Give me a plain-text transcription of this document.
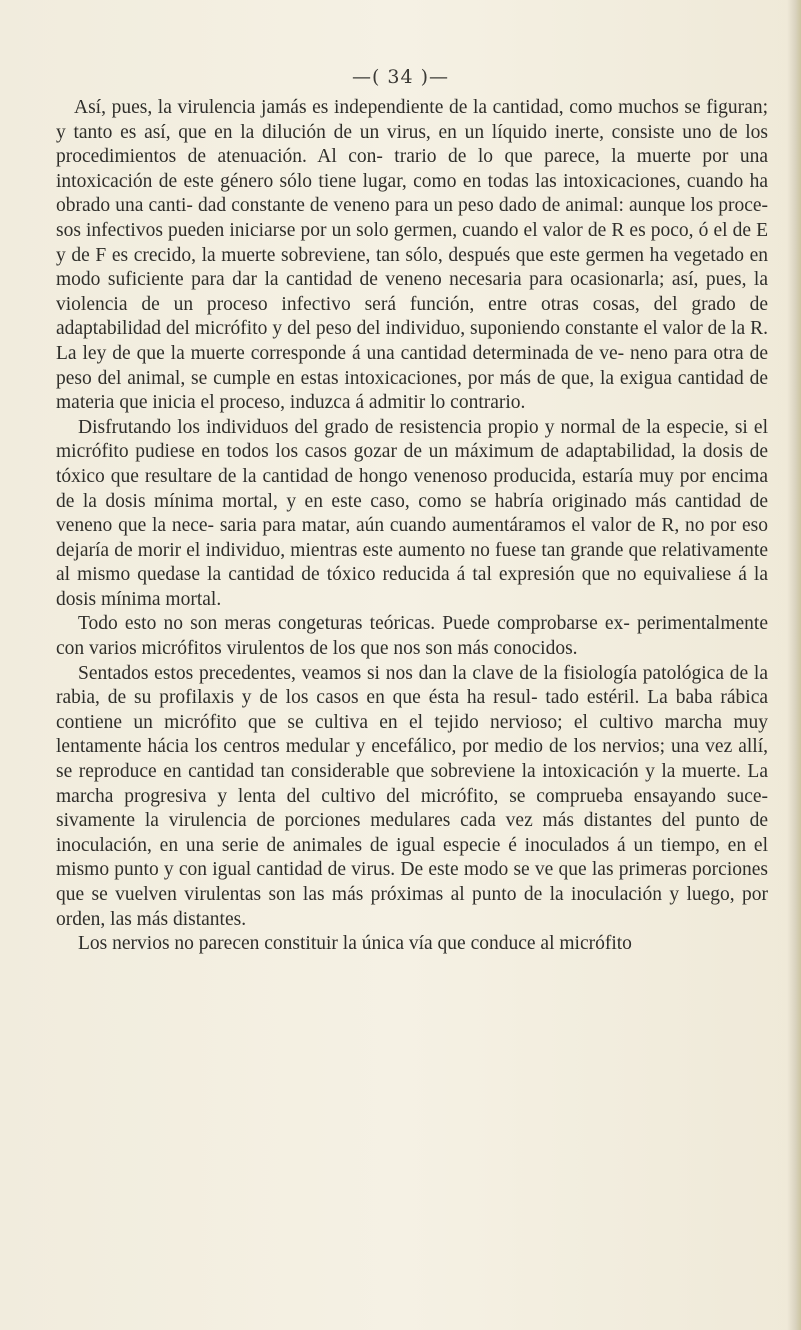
—( 34 )—

Así, pues, la virulencia jamás es independiente de la cantidad, como muchos se figuran; y tanto es así, que en la dilución de un virus, en un líquido inerte, consiste uno de los procedimientos de atenuación. Al con- trario de lo que parece, la muerte por una intoxicación de este género sólo tiene lugar, como en todas las intoxicaciones, cuando ha obrado una canti- dad constante de veneno para un peso dado de animal: aunque los proce- sos infectivos pueden iniciarse por un solo germen, cuando el valor de R es poco, ó el de E y de F es crecido, la muerte sobreviene, tan sólo, después que este germen ha vegetado en modo suficiente para dar la cantidad de veneno necesaria para ocasionarla; así, pues, la violencia de un proceso infectivo será función, entre otras cosas, del grado de adaptabilidad del micrófito y del peso del individuo, suponiendo constante el valor de la R. La ley de que la muerte corresponde á una cantidad determinada de ve- neno para otra de peso del animal, se cumple en estas intoxicaciones, por más de que, la exigua cantidad de materia que inicia el proceso, induzca á admitir lo contrario.

Disfrutando los individuos del grado de resistencia propio y normal de la especie, si el micrófito pudiese en todos los casos gozar de un máximum de adaptabilidad, la dosis de tóxico que resultare de la cantidad de hongo venenoso producida, estaría muy por encima de la dosis mínima mortal, y en este caso, como se habría originado más cantidad de veneno que la nece- saria para matar, aún cuando aumentáramos el valor de R, no por eso dejaría de morir el individuo, mientras este aumento no fuese tan grande que relativamente al mismo quedase la cantidad de tóxico reducida á tal expresión que no equivaliese á la dosis mínima mortal.

Todo esto no son meras congeturas teóricas. Puede comprobarse ex- perimentalmente con varios micrófitos virulentos de los que nos son más conocidos.

Sentados estos precedentes, veamos si nos dan la clave de la fisiología patológica de la rabia, de su profilaxis y de los casos en que ésta ha resul- tado estéril. La baba rábica contiene un micrófito que se cultiva en el tejido nervioso; el cultivo marcha muy lentamente hácia los centros medular y encefálico, por medio de los nervios; una vez allí, se reproduce en cantidad tan considerable que sobreviene la intoxicación y la muerte. La marcha progresiva y lenta del cultivo del micrófito, se comprueba ensayando suce- sivamente la virulencia de porciones medulares cada vez más distantes del punto de inoculación, en una serie de animales de igual especie é inoculados á un tiempo, en el mismo punto y con igual cantidad de virus. De este modo se ve que las primeras porciones que se vuelven virulentas son las más próximas al punto de la inoculación y luego, por orden, las más distantes.

Los nervios no parecen constituir la única vía que conduce al micrófito
